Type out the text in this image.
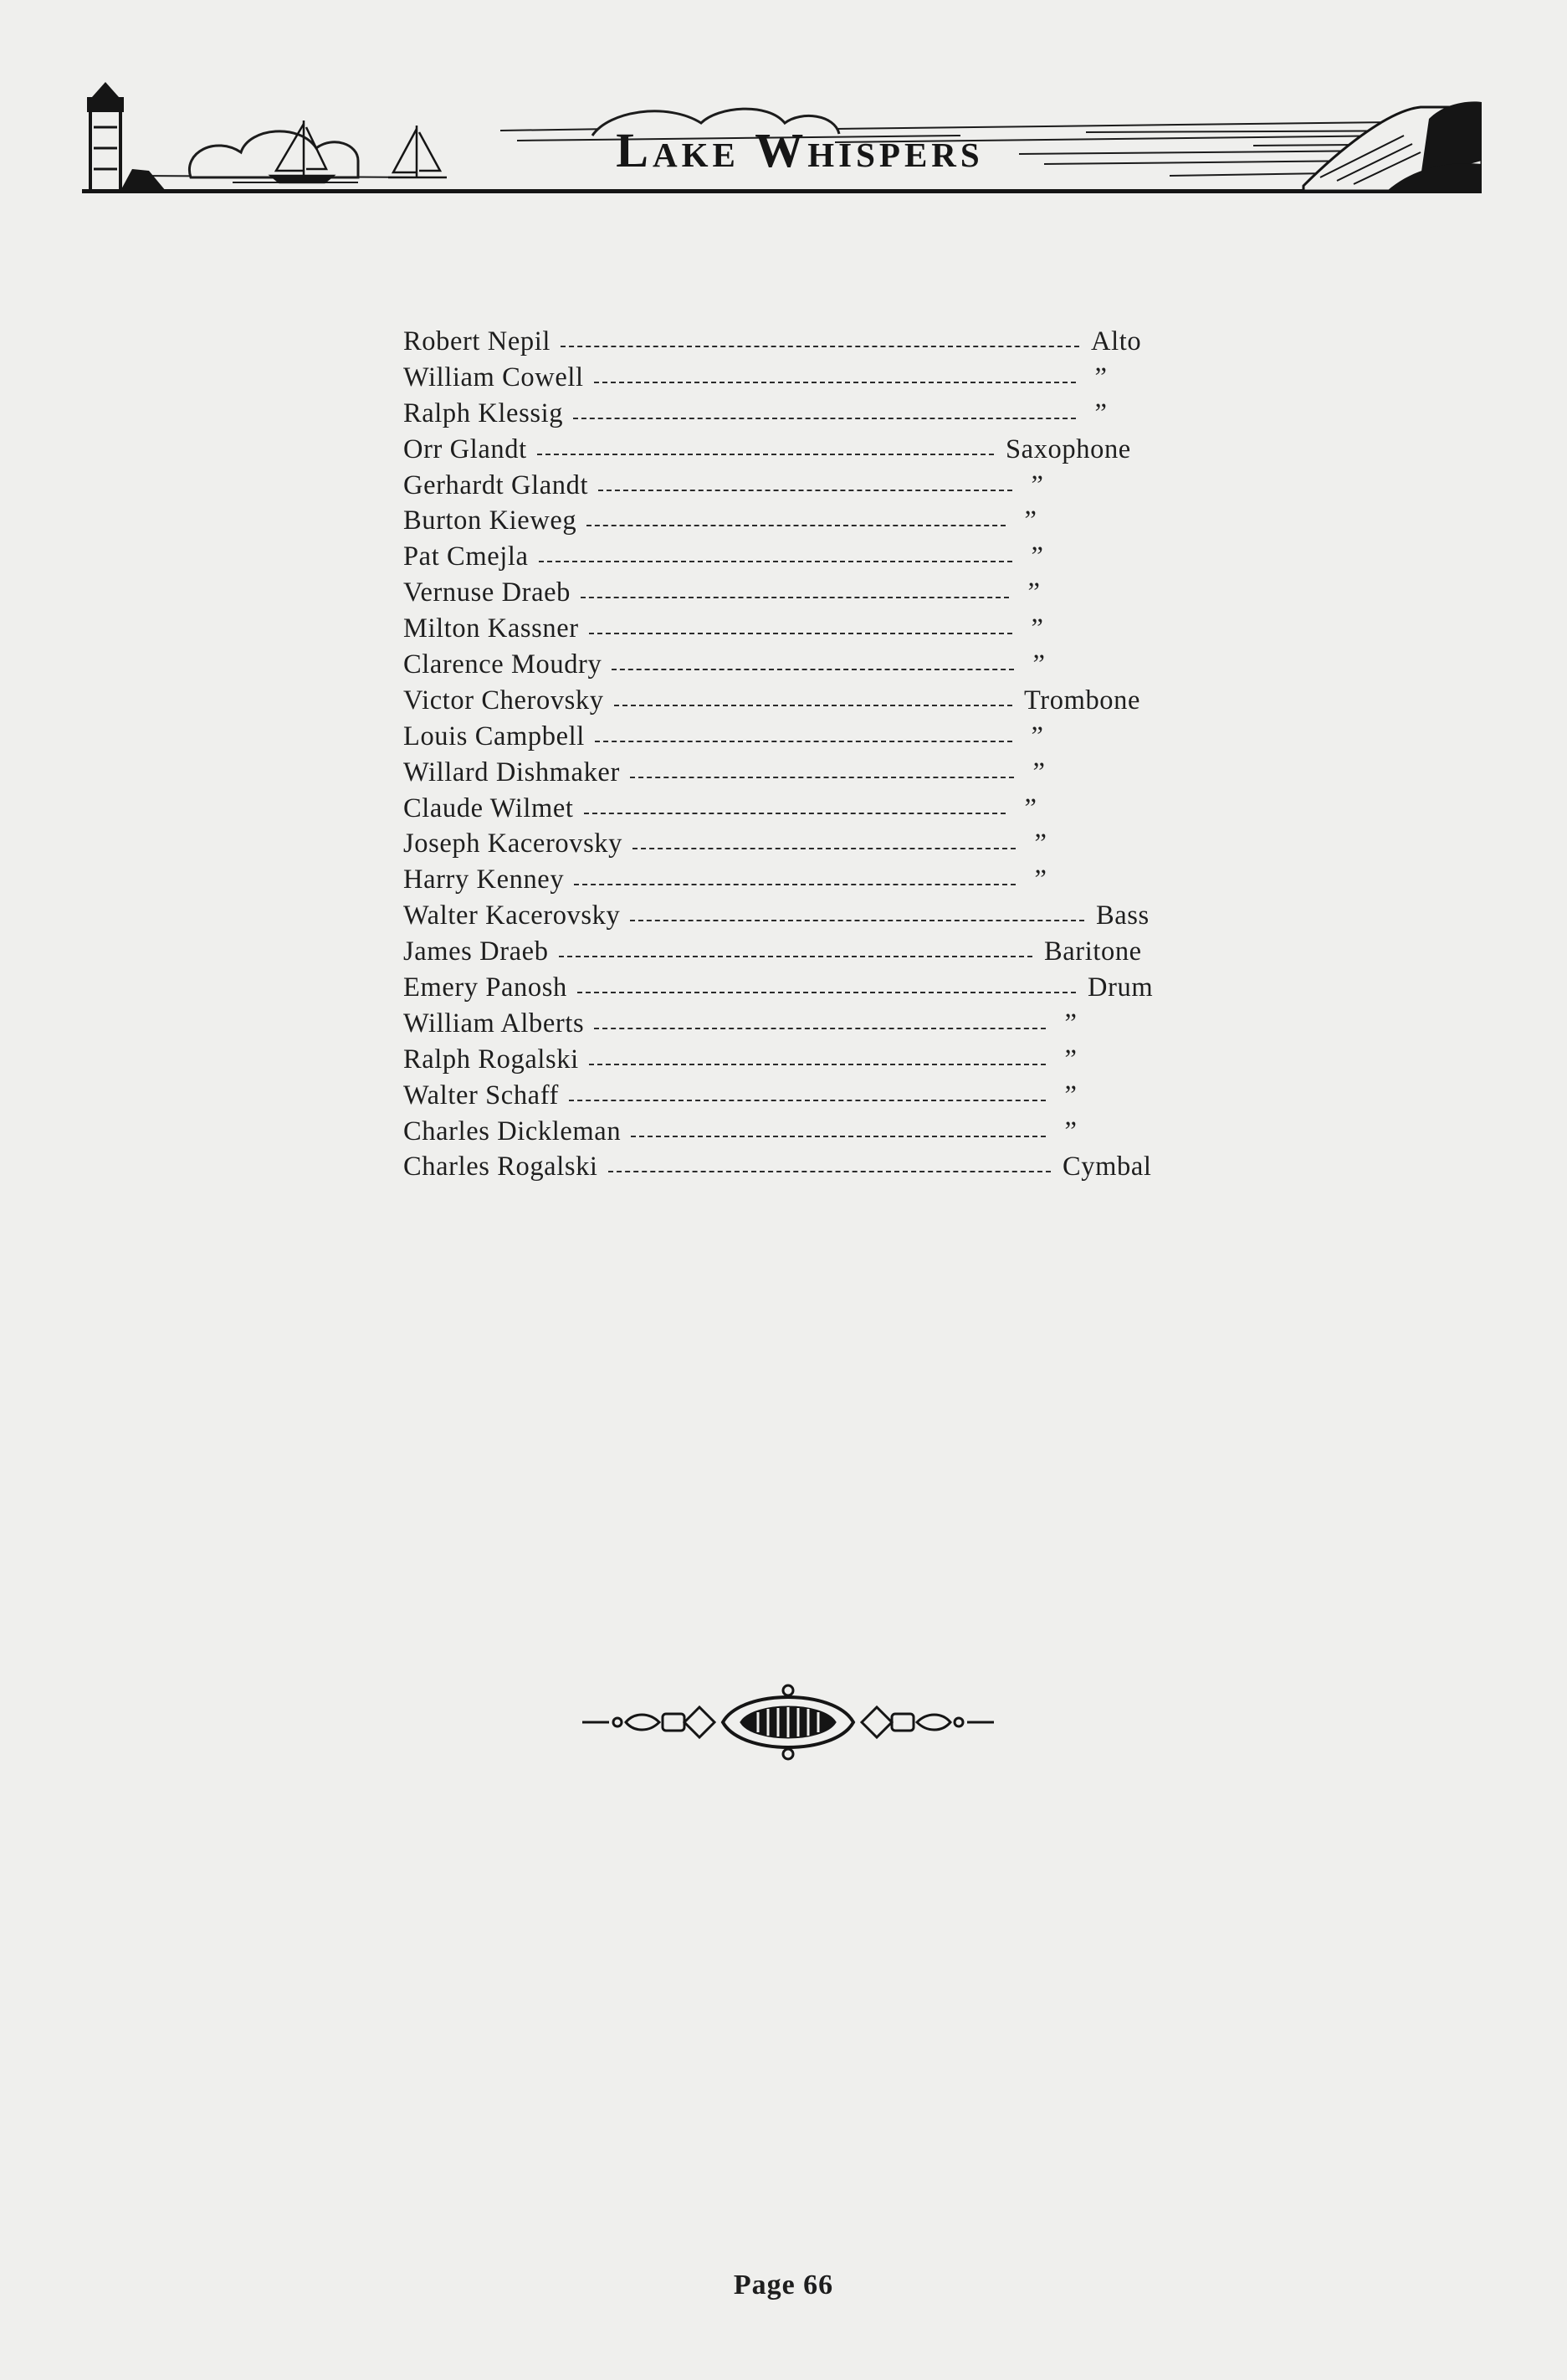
Lake Whispers
Robert Nepil	Alto
William Cowell	”
Ralph Klessig	”
Orr Glandt	Saxophone
Gerhardt Glandt	”
Burton Kieweg	”
Pat Cmejla	”
Vernuse Draeb	”
Milton Kassner	”
Clarence Moudry	”
Victor Cherovsky	Trombone
Louis Campbell	”
Willard Dishmaker	”
Claude Wilmet	”
Joseph Kacerovsky	”
Harry Kenney	”
Walter Kacerovsky	Bass
James Draeb	Baritone
Emery Panosh	Drum
William Alberts	”
Ralph Rogalski	”
Walter Schaff	”
Charles Dickleman	”
Charles Rogalski	Cymbal
Page 66
